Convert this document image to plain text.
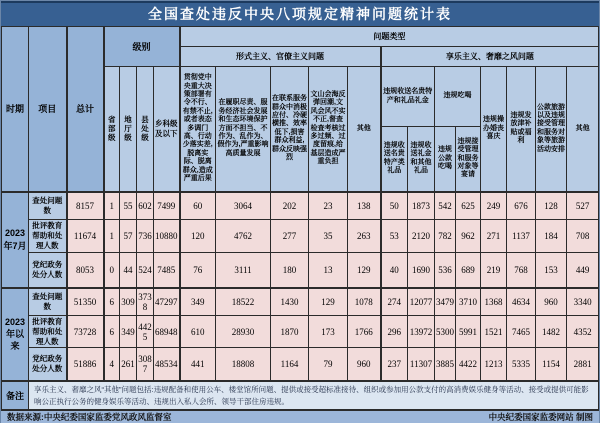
全国查处违反中央八项规定精神问题统计表
时期	项目	总计	级别				问题类型												
							形式主义、官僚主义问题					享乐主义、奢靡之风问题							
			省部级	地厅级	县处级	乡科级及以下	贯彻党中央重大决策部署有令不行、有禁不止,或者表态多调门高、行动少落实差,脱离实际、脱离群众,造成严重后果	在履职尽责、服务经济社会发展和生态环境保护方面不担当、不作为、乱作为、假作为,严重影响高质量发展	在联系服务群众中消极应付、冷硬横推、效率低下,损害群众利益,群众反映强烈	文山会海反弹回潮,文风会风不实不正,督查检查考核过多过频、过度留痕,给基层造成严重负担	其他	违规收送名贵特产和礼品礼金		违规吃喝		违规操办婚丧喜庆	违规发放津补贴或福利	公款旅游以及违规接受管理和服务对象等旅游活动安排	其他
												违规收送名贵特产类礼品	违规收送礼金和其他礼品	违规公款吃喝	违规接受管理和服务对象等宴请				
2023年7月	查处问题数	8157	1	55	602	7499	60	3064	202	23	138	50	1873	542	625	249	676	128	527
	批评教育帮助和处理人数	11674	1	57	736	10880	120	4762	277	35	263	53	2120	782	962	271	1137	184	708
	党纪政务处分人数	8053	0	44	524	7485	76	3111	180	13	129	40	1690	536	689	219	768	153	449
2023年以来	查处问题数	51350	6	309	3738	47297	349	18522	1430	129	1078	274	12077	3479	3710	1368	4634	960	3340
	批评教育帮助和处理人数	73728	6	349	4425	68948	610	28930	1870	173	1766	296	13972	5300	5991	1521	7465	1482	4352
	党纪政务处分人数	51886	4	261	3087	48534	441	18808	1164	79	960	237	11307	3885	4422	1213	5335	1154	2881
备注	享乐主义、奢靡之风“其他”问题包括:违规配备和使用公车、楼堂馆所问题、提供或接受超标准接待、组织或参加用公款支付的高消费娱乐健身等活动、接受或提供可能影响公正执行公务的健身娱乐等活动、违规出入私人会所、领导干部住房违规。																		
数据来源:中央纪委国家监委党风政风监督室	中央纪委国家监委网站 制图
